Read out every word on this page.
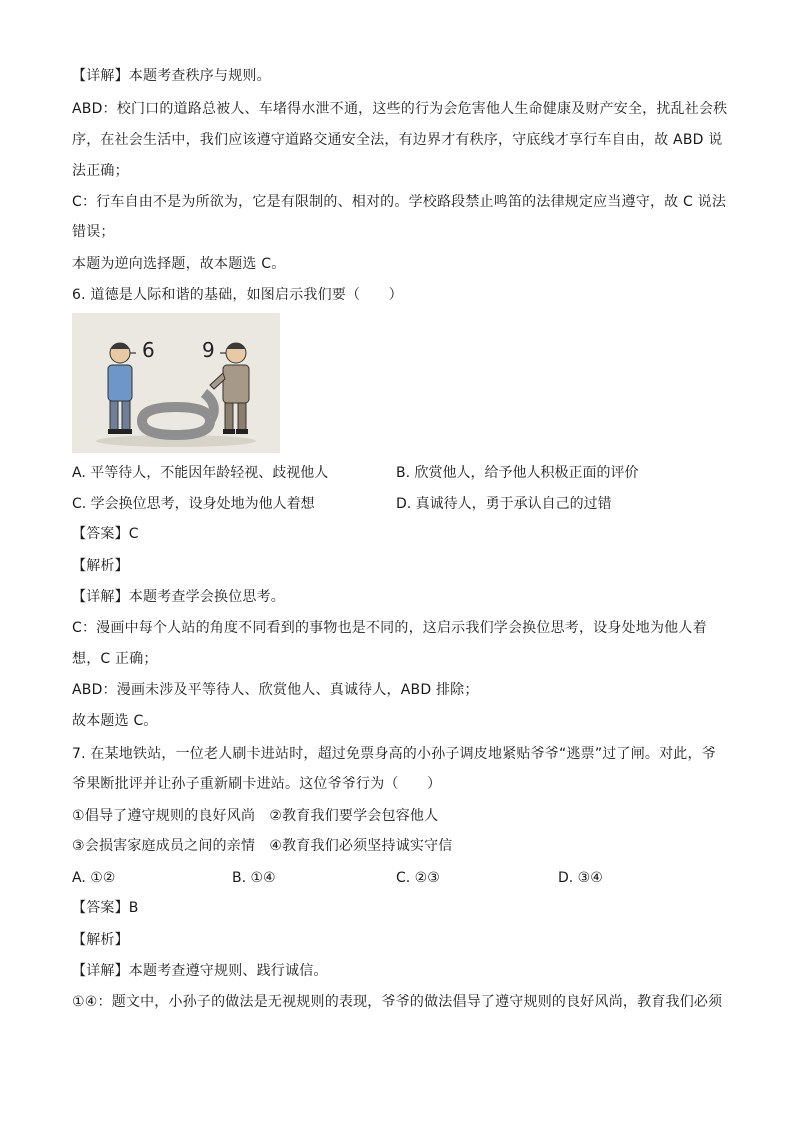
【详解】本题考查秩序与规则。
ABD：校门口的道路总被人、车堵得水泄不通，这些的行为会危害他人生命健康及财产安全，扰乱社会秩
序，在社会生活中，我们应该遵守道路交通安全法，有边界才有秩序，守底线才享行车自由，故 ABD 说
法正确；
C：行车自由不是为所欲为，它是有限制的、相对的。学校路段禁止鸣笛的法律规定应当遵守，故 C 说法
错误；
本题为逆向选择题，故本题选 C。
6. 道德是人际和谐的基础，如图启示我们要（　　）
6 9
A. 平等待人，不能因年龄轻视、歧视他人	B. 欣赏他人，给予他人积极正面的评价
C. 学会换位思考，设身处地为他人着想	D. 真诚待人，勇于承认自己的过错
【答案】C
【解析】
【详解】本题考查学会换位思考。
C：漫画中每个人站的角度不同看到的事物也是不同的，这启示我们学会换位思考，设身处地为他人着
想，C 正确；
ABD：漫画未涉及平等待人、欣赏他人、真诚待人，ABD 排除；
故本题选 C。
7. 在某地铁站，一位老人刷卡进站时，超过免票身高的小孙子调皮地紧贴爷爷“逃票”过了闸。对此，爷
爷果断批评并让孙子重新刷卡进站。这位爷爷行为（　　）
①倡导了遵守规则的良好风尚　②教育我们要学会包容他人
③会损害家庭成员之间的亲情　④教育我们必须坚持诚实守信
A. ①②	B. ①④	C. ②③	D. ③④
【答案】B
【解析】
【详解】本题考查遵守规则、践行诚信。
①④：题文中，小孙子的做法是无视规则的表现，爷爷的做法倡导了遵守规则的良好风尚，教育我们必须
